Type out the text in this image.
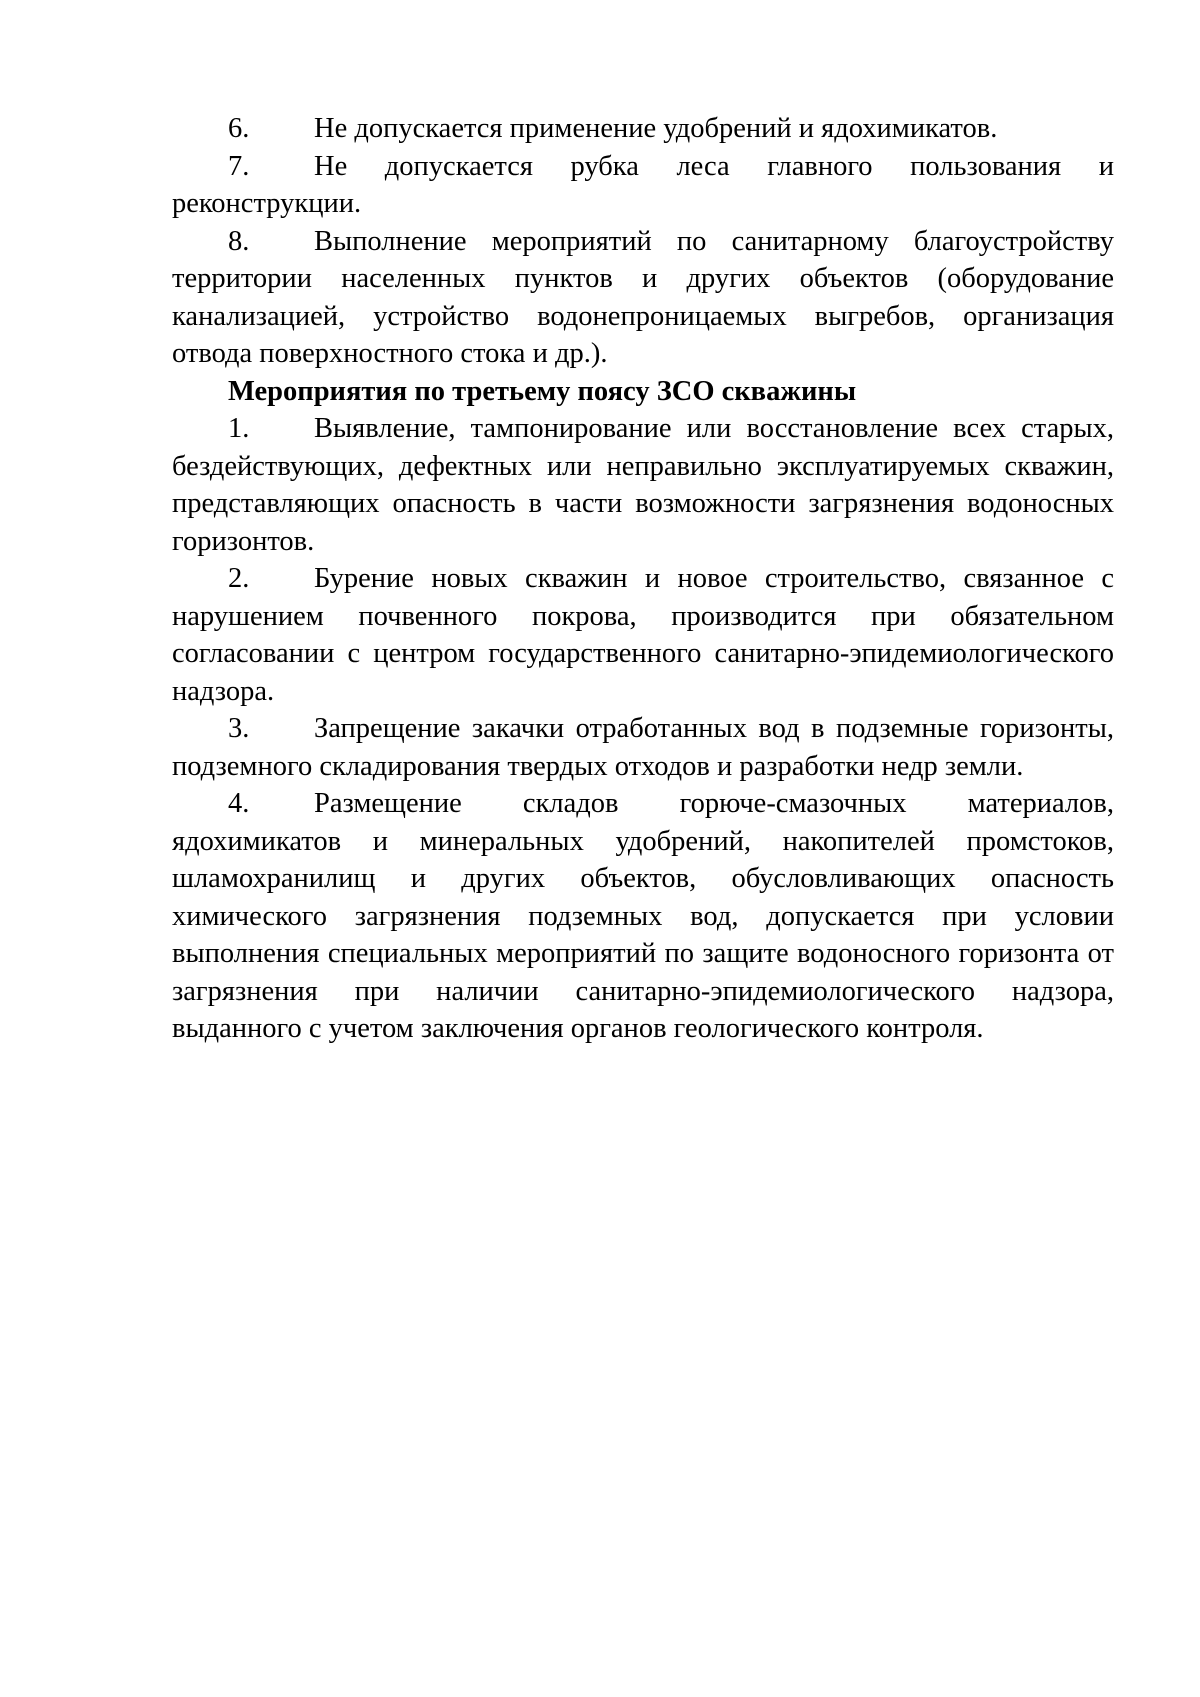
6. Не допускается применение удобрений и ядохимикатов.

7. Не допускается рубка леса главного пользования и реконструкции.

8. Выполнение мероприятий по санитарному благоустройству территории населенных пунктов и других объектов (оборудование канализацией, устройство водонепроницаемых выгребов, организация отвода поверхностного стока и др.).

Мероприятия по третьему поясу ЗСО скважины

1. Выявление, тампонирование или восстановление всех старых, бездействующих, дефектных или неправильно эксплуатируемых скважин, представляющих опасность в части возможности загрязнения водоносных горизонтов.

2. Бурение новых скважин и новое строительство, связанное с нарушением почвенного покрова, производится при обязательном согласовании с центром государственного санитарно-эпидемиологического надзора.

3. Запрещение закачки отработанных вод в подземные горизонты, подземного складирования твердых отходов и разработки недр земли.

4. Размещение складов горюче-смазочных материалов, ядохимикатов и минеральных удобрений, накопителей промстоков, шламохранилищ и других объектов, обусловливающих опасность химического загрязнения подземных вод, допускается при условии выполнения специальных мероприятий по защите водоносного горизонта от загрязнения при наличии санитарно-эпидемиологического надзора, выданного с учетом заключения органов геологического контроля.
